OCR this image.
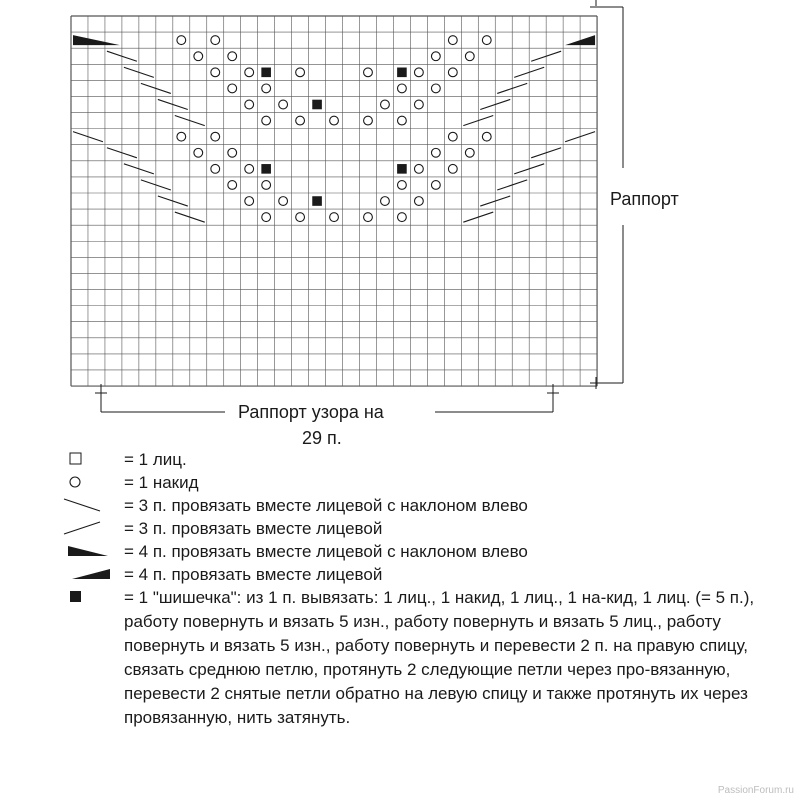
Раппорт
Раппорт узора на
29 п.
= 1 лиц.
= 1 накид
= 3 п. провязать вместе лицевой с наклоном влево
= 3 п. провязать вместе лицевой
= 4 п. провязать вместе лицевой с наклоном влево
= 4 п. провязать вместе лицевой
= 1 "шишечка": из 1 п. вывязать: 1 лиц., 1 накид, 1 лиц., 1 на-кид, 1 лиц. (= 5 п.), работу повернуть и вязать 5 изн., работу повернуть и вязать 5 лиц., работу повернуть и вязать 5 изн., работу повернуть и перевести 2 п. на правую спицу, связать среднюю петлю, протянуть 2 следующие петли через про-вязанную, перевести 2 снятые петли обратно на левую спицу и также протянуть их через провязанную, нить затянуть.
PassionForum.ru
